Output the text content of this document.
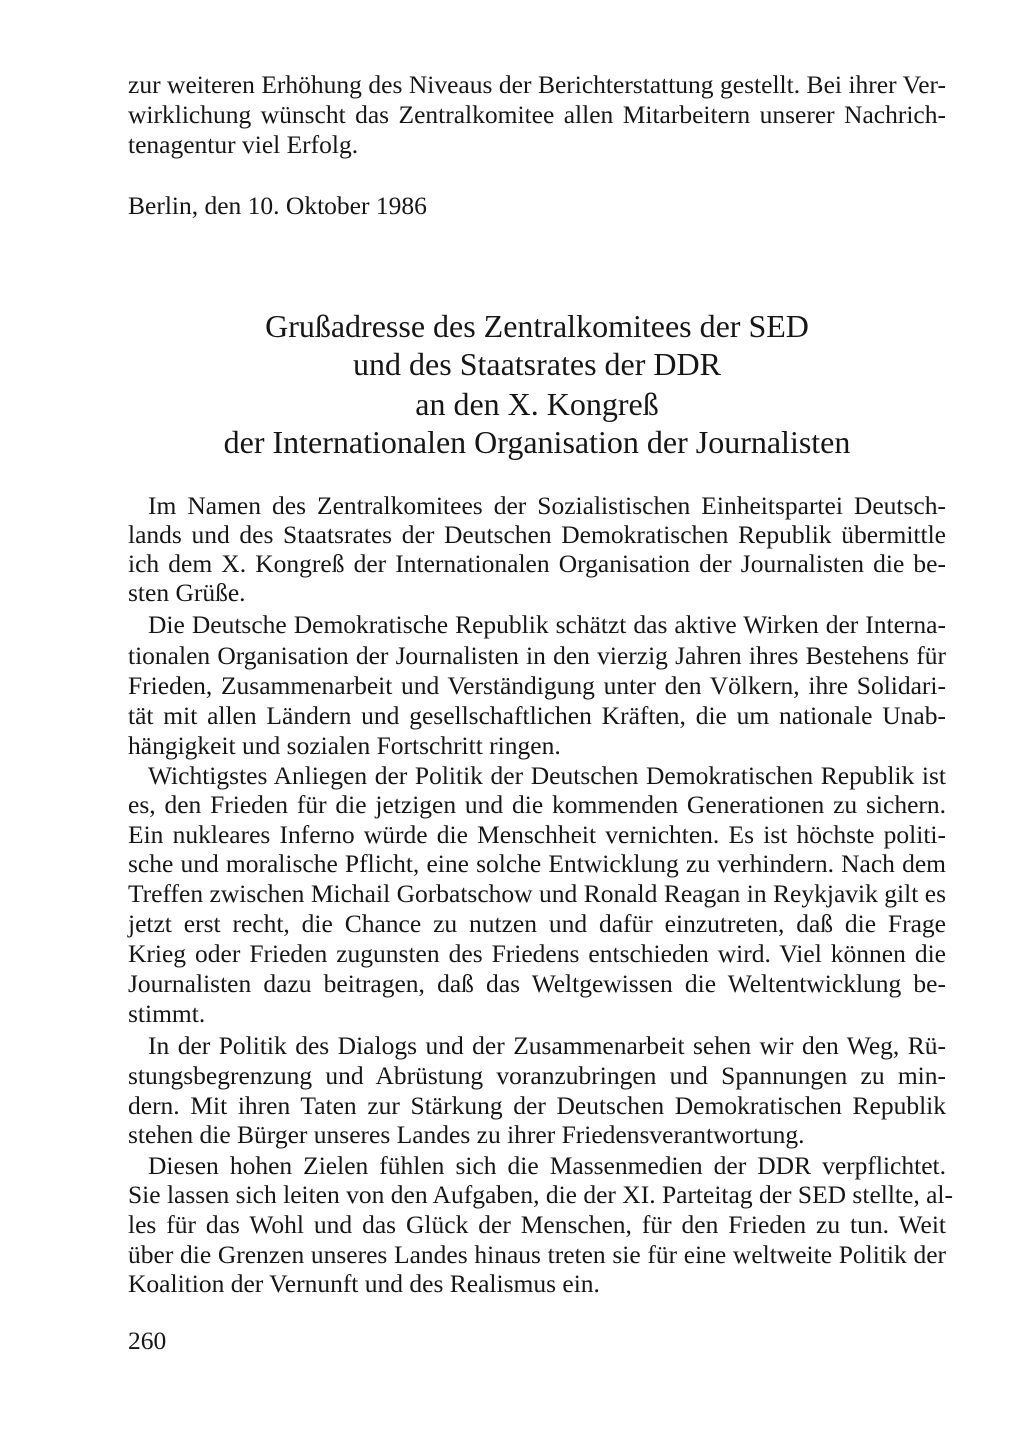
zur weiteren Erhöhung des Niveaus der Berichterstattung gestellt. Bei ihrer Ver-
wirklichung wünscht das Zentralkomitee allen Mitarbeitern unserer Nachrich-
tenagentur viel Erfolg.
Berlin, den 10. Oktober 1986
Grußadresse des Zentralkomitees der SED
und des Staatsrates der DDR
an den X. Kongreß
der Internationalen Organisation der Journalisten
Im Namen des Zentralkomitees der Sozialistischen Einheitspartei Deutsch-
lands und des Staatsrates der Deutschen Demokratischen Republik übermittle
ich dem X. Kongreß der Internationalen Organisation der Journalisten die be-
sten Grüße.
Die Deutsche Demokratische Republik schätzt das aktive Wirken der Interna-
tionalen Organisation der Journalisten in den vierzig Jahren ihres Bestehens für
Frieden, Zusammenarbeit und Verständigung unter den Völkern, ihre Solidari-
tät mit allen Ländern und gesellschaftlichen Kräften, die um nationale Unab-
hängigkeit und sozialen Fortschritt ringen.
Wichtigstes Anliegen der Politik der Deutschen Demokratischen Republik ist
es, den Frieden für die jetzigen und die kommenden Generationen zu sichern.
Ein nukleares Inferno würde die Menschheit vernichten. Es ist höchste politi-
sche und moralische Pflicht, eine solche Entwicklung zu verhindern. Nach dem
Treffen zwischen Michail Gorbatschow und Ronald Reagan in Reykjavik gilt es
jetzt erst recht, die Chance zu nutzen und dafür einzutreten, daß die Frage
Krieg oder Frieden zugunsten des Friedens entschieden wird. Viel können die
Journalisten dazu beitragen, daß das Weltgewissen die Weltentwicklung be-
stimmt.
In der Politik des Dialogs und der Zusammenarbeit sehen wir den Weg, Rü-
stungsbegrenzung und Abrüstung voranzubringen und Spannungen zu min-
dern. Mit ihren Taten zur Stärkung der Deutschen Demokratischen Republik
stehen die Bürger unseres Landes zu ihrer Friedensverantwortung.
Diesen hohen Zielen fühlen sich die Massenmedien der DDR verpflichtet.
Sie lassen sich leiten von den Aufgaben, die der XI. Parteitag der SED stellte, al-
les für das Wohl und das Glück der Menschen, für den Frieden zu tun. Weit
über die Grenzen unseres Landes hinaus treten sie für eine weltweite Politik der
Koalition der Vernunft und des Realismus ein.
260
